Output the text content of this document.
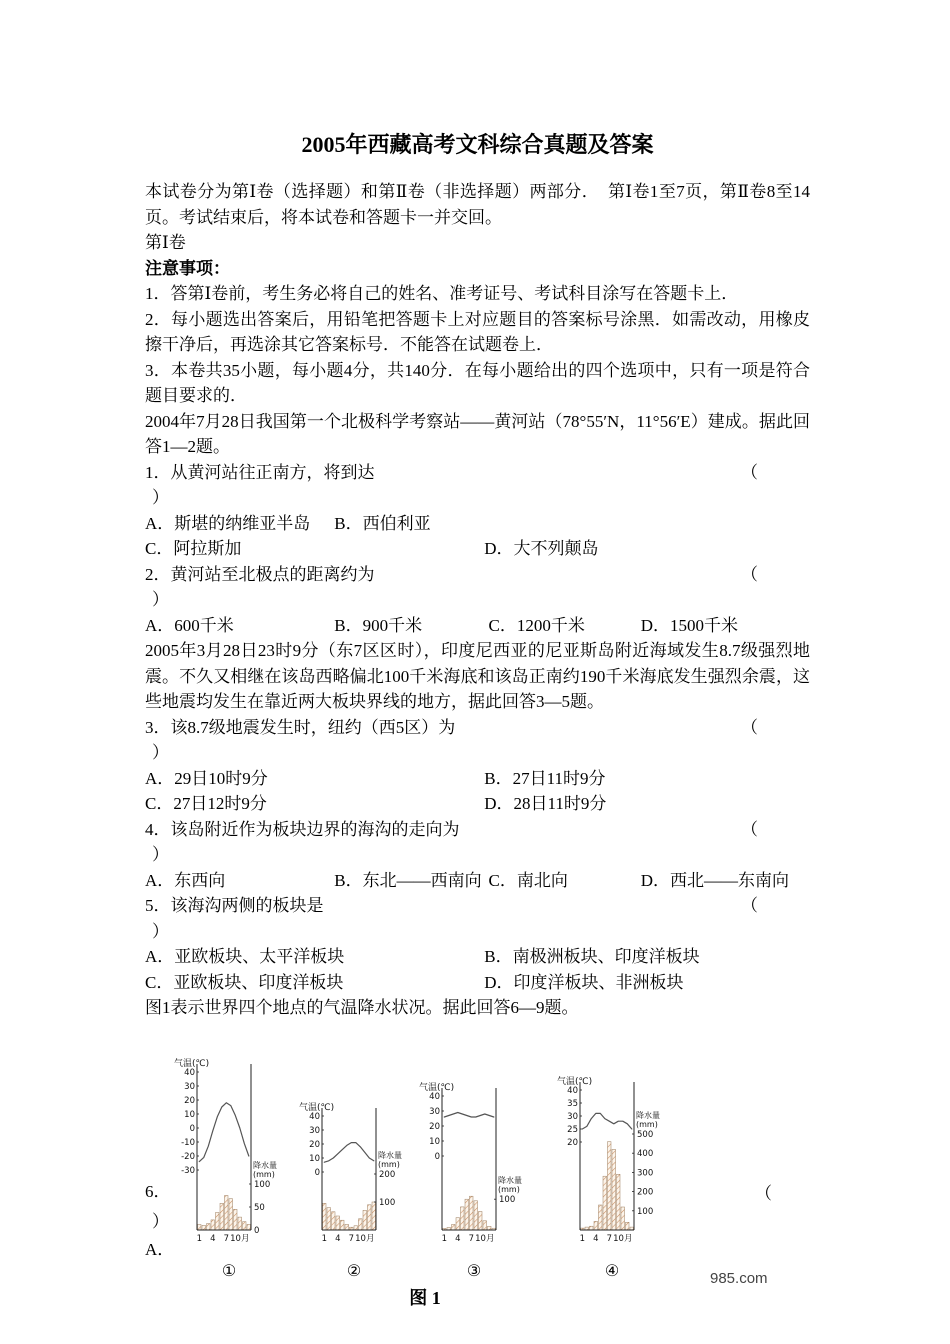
2005年西藏高考文科综合真题及答案

本试卷分为第Ⅰ卷（选择题）和第Ⅱ卷（非选择题）两部分．　第Ⅰ卷1至7页，第Ⅱ卷8至14页。考试结束后，将本试卷和答题卡一并交回。

第Ⅰ卷

注意事项：

1．答第Ⅰ卷前，考生务必将自己的姓名、准考证号、考试科目涂写在答题卡上．

2．每小题选出答案后，用铅笔把答题卡上对应题目的答案标号涂黑．如需改动，用橡皮擦干净后，再选涂其它答案标号．不能答在试题卷上．

3．本卷共35小题，每小题4分，共140分．在每小题给出的四个选项中，只有一项是符合题目要求的．

2004年7月28日我国第一个北极科学考察站——黄河站（78°55′N，11°56′E）建成。据此回答1—2题。

1．从黄河站往正南方，将到达	（
）
A．斯堪的纳维亚半岛 B．西伯利亚
C．阿拉斯加	D．大不列颠岛
2．黄河站至北极点的距离约为	（
）
A．600千米	B．900千米	C．1200千米	D．1500千米

2005年3月28日23时9分（东7区区时），印度尼西亚的尼亚斯岛附近海域发生8.7级强烈地震。不久又相继在该岛西略偏北100千米海底和该岛正南约190千米海底发生强烈余震，这些地震均发生在靠近两大板块界线的地方，据此回答3—5题。

3．该8.7级地震发生时，纽约（西5区）为	（
）
A．29日10时9分	B．27日11时9分
C．27日12时9分	D．28日11时9分
4．该岛附近作为板块边界的海沟的走向为	（
）
A．东西向	B．东北——西南向 C．南北向	D．西北——东南向
5．该海沟两侧的板块是	（
）
A．亚欧板块、太平洋板块	B．南极洲板块、印度洋板块
C．亚欧板块、印度洋板块	D．印度洋板块、非洲板块

图1表示世界四个地点的气温降水状况。据此回答6—9题。

6．	（
）
A．
40
30
20
10
0
-10
-20
-30
100
50
0
气温(℃)
降水量
(mm)
1 4 7 10月
①
40
30
20
10
0	200
100
气温(℃)
降水量
(mm)
1 4 7 10月
②
40
30
20
10
0
100
气温(℃)
降水量
(mm)
1 4 7 10月
③
40
35
30
25
20
500
400
300
200
100
气温(℃)
降水量
(mm)
1 4 7 10月
④
图 1
985.com
